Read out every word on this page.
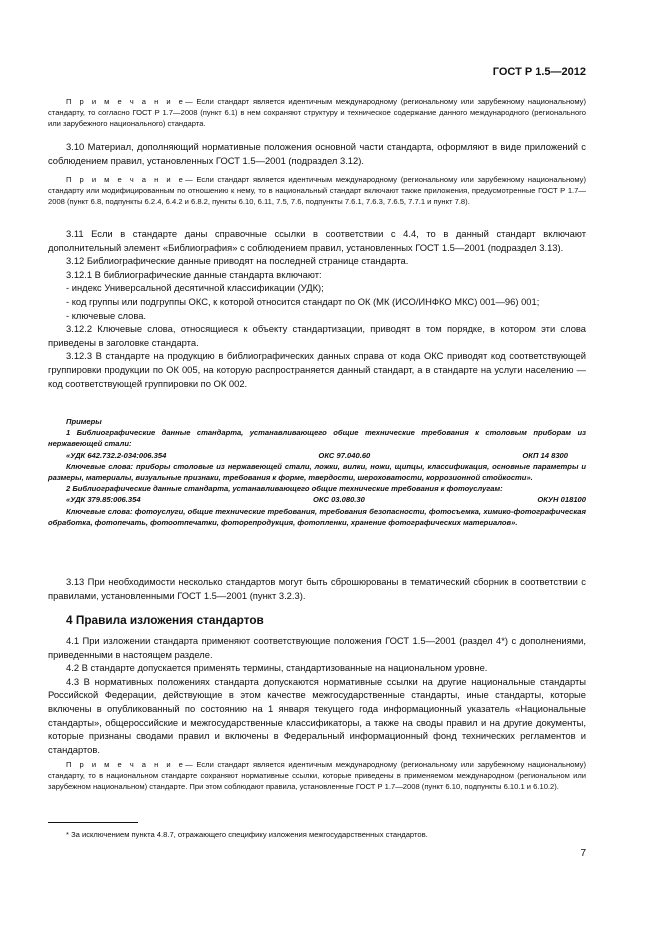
ГОСТ Р 1.5—2012

П р и м е ч а н и е— Если стандарт является идентичным международному (региональному или зарубежному национальному) стандарту, то согласно ГОСТ Р 1.7—2008 (пункт 6.1) в нем сохраняют структуру и техническое содержание данного международного (регионального или зарубежного национального) стандарта.

3.10 Материал, дополняющий нормативные положения основной части стандарта, оформляют в виде приложений с соблюдением правил, установленных ГОСТ 1.5—2001 (подраздел 3.12).

П р и м е ч а н и е— Если стандарт является идентичным международному (региональному или зарубежному национальному) стандарту или модифицированным по отношению к нему, то в национальный стандарт включают также приложения, предусмотренные ГОСТ Р 1.7—2008 (пункт 6.8, подпункты 6.2.4, 6.4.2 и 6.8.2, пункты 6.10, 6.11, 7.5, 7.6, подпункты 7.6.1, 7.6.3, 7.6.5, 7.7.1 и пункт 7.8).

3.11 Если в стандарте даны справочные ссылки в соответствии с 4.4, то в данный стандарт включают дополнительный элемент «Библиография» с соблюдением правил, установленных ГОСТ 1.5—2001 (подраздел 3.13).

3.12 Библиографические данные приводят на последней странице стандарта.

3.12.1 В библиографические данные стандарта включают:

- индекс Универсальной десятичной классификации (УДК);

- код группы или подгруппы ОКС, к которой относится стандарт по ОК (МК (ИСО/ИНФКО МКС) 001—96) 001;

- ключевые слова.

3.12.2 Ключевые слова, относящиеся к объекту стандартизации, приводят в том порядке, в котором эти слова приведены в заголовке стандарта.

3.12.3 В стандарте на продукцию в библиографических данных справа от кода ОКС приводят код соответствующей группировки продукции по ОК 005, на которую распространяется данный стандарт, а в стандарте на услуги населению — код соответствующей группировки по ОК 002.

Примеры

1 Библиографические данные стандарта, устанавливающего общие технические требования к столовым приборам из нержавеющей стали:

«УДК 642.732.2-034:006.354	ОКС 97.040.60	ОКП 14 8300

Ключевые слова: приборы столовые из нержавеющей стали, ложки, вилки, ножи, щипцы, классификация, основные параметры и размеры, материалы, визуальные признаки, требования к форме, твердости, шероховатости, коррозионной стойкости».

2 Библиографические данные стандарта, устанавливающего общие технические требования к фотоуслугам:

«УДК 379.85:006.354	ОКС 03.080.30	ОКУН 018100

Ключевые слова: фотоуслуги, общие технические требования, требования безопасности, фотосъемка, химико-фотографическая обработка, фотопечать, фотоотпечатки, фоторепродукция, фотопленки, хранение фотографических материалов».

3.13 При необходимости несколько стандартов могут быть сброшюрованы в тематический сборник в соответствии с правилами, установленными ГОСТ 1.5—2001 (пункт 3.2.3).

4 Правила изложения стандартов

4.1 При изложении стандарта применяют соответствующие положения ГОСТ 1.5—2001 (раздел 4*) с дополнениями, приведенными в настоящем разделе.

4.2 В стандарте допускается применять термины, стандартизованные на национальном уровне.

4.3 В нормативных положениях стандарта допускаются нормативные ссылки на другие национальные стандарты Российской Федерации, действующие в этом качестве межгосударственные стандарты, иные стандарты, которые включены в опубликованный по состоянию на 1 января текущего года информационный указатель «Национальные стандарты», общероссийские и межгосударственные классификаторы, а также на своды правил и на другие документы, которые признаны сводами правил и включены в Федеральный информационный фонд технических регламентов и стандартов.

П р и м е ч а н и е— Если стандарт является идентичным международному (региональному или зарубежному национальному) стандарту, то в национальном стандарте сохраняют нормативные ссылки, которые приведены в применяемом международном (региональном или зарубежном национальном) стандарте. При этом соблюдают правила, установленные ГОСТ Р 1.7—2008 (пункт 6.10, подпункты 6.10.1 и 6.10.2).

* За исключением пункта 4.8.7, отражающего специфику изложения межгосударственных стандартов.

7
